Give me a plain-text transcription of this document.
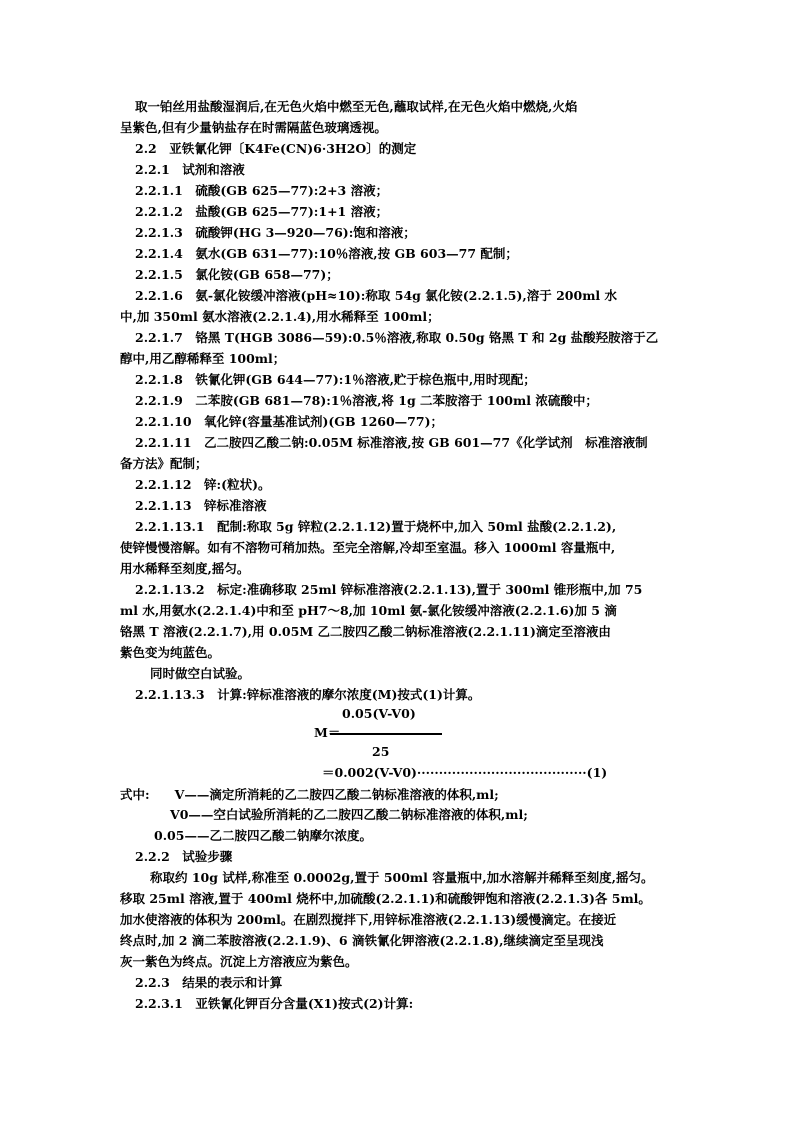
取一铂丝用盐酸湿润后,在无色火焰中燃至无色,蘸取试样,在无色火焰中燃烧,火焰
呈紫色,但有少量钠盐存在时需隔蓝色玻璃透视。
2.2　亚铁氰化钾〔K4Fe(CN)6·3H2O〕的测定
2.2.1　试剂和溶液
2.2.1.1　硫酸(GB 625—77):2+3 溶液；
2.2.1.2　盐酸(GB 625—77):1+1 溶液；
2.2.1.3　硫酸钾(HG 3—920—76):饱和溶液；
2.2.1.4　氨水(GB 631—77):10％溶液,按 GB 603—77 配制；
2.2.1.5　氯化铵(GB 658—77)；
2.2.1.6　氨-氯化铵缓冲溶液(pH≈10):称取 54g 氯化铵(2.2.1.5),溶于 200ml 水
中,加 350ml 氨水溶液(2.2.1.4),用水稀释至 100ml；
2.2.1.7　铬黑 T(HGB 3086—59):0.5％溶液,称取 0.50g 铬黑 T 和 2g 盐酸羟胺溶于乙
醇中,用乙醇稀释至 100ml；
2.2.1.8　铁氰化钾(GB 644—77):1％溶液,贮于棕色瓶中,用时现配；
2.2.1.9　二苯胺(GB 681—78):1％溶液,将 1g 二苯胺溶于 100ml 浓硫酸中；
2.2.1.10　氧化锌(容量基准试剂)(GB 1260—77)；
2.2.1.11　乙二胺四乙酸二钠:0.05M 标准溶液,按 GB 601—77《化学试剂　标准溶液制
备方法》配制；
2.2.1.12　锌:(粒状)。
2.2.1.13　锌标准溶液
2.2.1.13.1　配制:称取 5g 锌粒(2.2.1.12)置于烧杯中,加入 50ml 盐酸(2.2.1.2),
使锌慢慢溶解。如有不溶物可稍加热。至完全溶解,冷却至室温。移入 1000ml 容量瓶中,
用水稀释至刻度,摇匀。
2.2.1.13.2　标定:准确移取 25ml 锌标准溶液(2.2.1.13),置于 300ml 锥形瓶中,加 75
ml 水,用氨水(2.2.1.4)中和至 pH7～8,加 10ml 氨-氯化铵缓冲溶液(2.2.1.6)加 5 滴
铬黑 T 溶液(2.2.1.7),用 0.05M 乙二胺四乙酸二钠标准溶液(2.2.1.11)滴定至溶液由
紫色变为纯蓝色。
同时做空白试验。
2.2.1.13.3　计算:锌标准溶液的摩尔浓度(M)按式(1)计算。
0.05(V-V0)
M＝
25
＝0.002(V-V0)·······································(1)
式中:　　V——滴定所消耗的乙二胺四乙酸二钠标准溶液的体积,ml;
V0——空白试验所消耗的乙二胺四乙酸二钠标准溶液的体积,ml;
0.05——乙二胺四乙酸二钠摩尔浓度。
2.2.2　试验步骤
称取约 10g 试样,称准至 0.0002g,置于 500ml 容量瓶中,加水溶解并稀释至刻度,摇匀。
移取 25ml 溶液,置于 400ml 烧杯中,加硫酸(2.2.1.1)和硫酸钾饱和溶液(2.2.1.3)各 5ml。
加水使溶液的体积为 200ml。在剧烈搅拌下,用锌标准溶液(2.2.1.13)缓慢滴定。在接近
终点时,加 2 滴二苯胺溶液(2.2.1.9)、6 滴铁氰化钾溶液(2.2.1.8),继续滴定至呈现浅
灰一紫色为终点。沉淀上方溶液应为紫色。
2.2.3　结果的表示和计算
2.2.3.1　亚铁氰化钾百分含量(X1)按式(2)计算:
